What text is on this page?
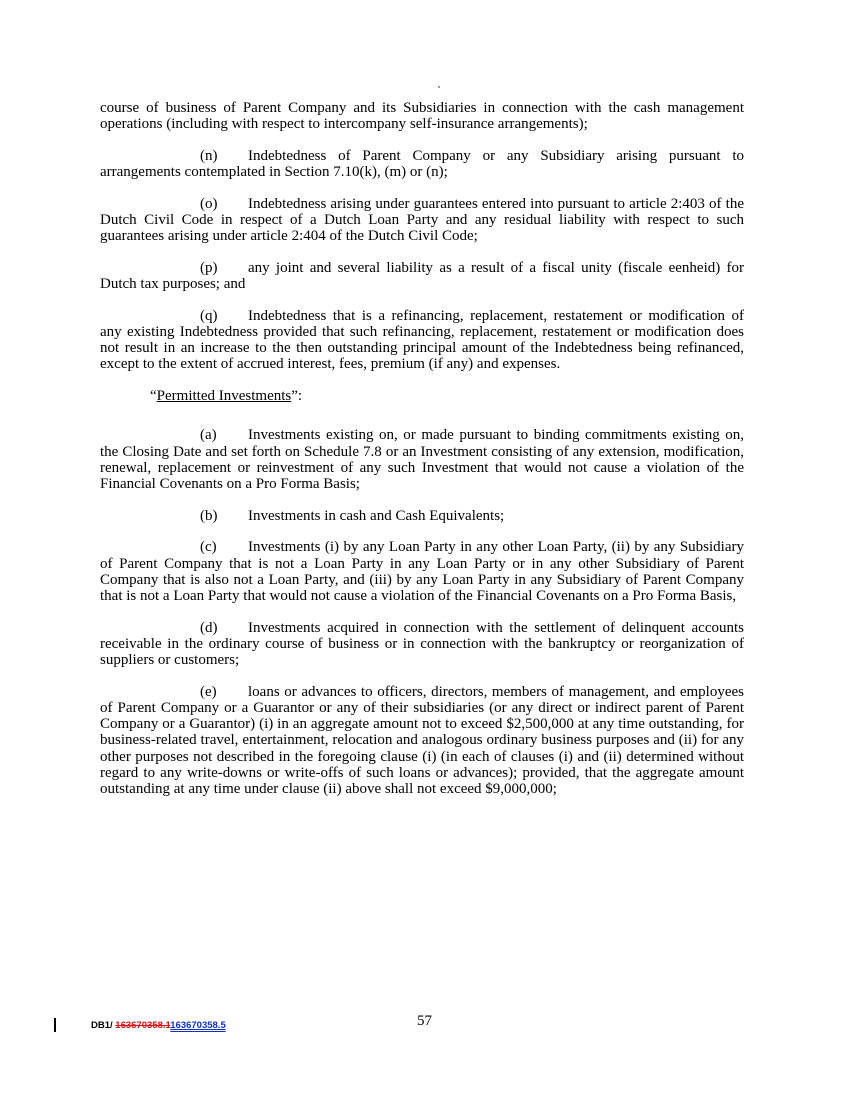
course of business of Parent Company and its Subsidiaries in connection with the cash management operations (including with respect to intercompany self-insurance arrangements);

(n) Indebtedness of Parent Company or any Subsidiary arising pursuant to arrangements contemplated in Section 7.10(k), (m) or (n);

(o) Indebtedness arising under guarantees entered into pursuant to article 2:403 of the Dutch Civil Code in respect of a Dutch Loan Party and any residual liability with respect to such guarantees arising under article 2:404 of the Dutch Civil Code;

(p) any joint and several liability as a result of a fiscal unity (fiscale eenheid) for Dutch tax purposes; and

(q) Indebtedness that is a refinancing, replacement, restatement or modification of any existing Indebtedness provided that such refinancing, replacement, restatement or modification does not result in an increase to the then outstanding principal amount of the Indebtedness being refinanced, except to the extent of accrued interest, fees, premium (if any) and expenses.

“Permitted Investments”:

(a) Investments existing on, or made pursuant to binding commitments existing on, the Closing Date and set forth on Schedule 7.8 or an Investment consisting of any extension, modification, renewal, replacement or reinvestment of any such Investment that would not cause a violation of the Financial Covenants on a Pro Forma Basis;

(b) Investments in cash and Cash Equivalents;

(c) Investments (i) by any Loan Party in any other Loan Party, (ii) by any Subsidiary of Parent Company that is not a Loan Party in any Loan Party or in any other Subsidiary of Parent Company that is also not a Loan Party, and (iii) by any Loan Party in any Subsidiary of Parent Company that is not a Loan Party that would not cause a violation of the Financial Covenants on a Pro Forma Basis,

(d) Investments acquired in connection with the settlement of delinquent accounts receivable in the ordinary course of business or in connection with the bankruptcy or reorganization of suppliers or customers;

(e) loans or advances to officers, directors, members of management, and employees of Parent Company or a Guarantor or any of their subsidiaries (or any direct or indirect parent of Parent Company or a Guarantor) (i) in an aggregate amount not to exceed $2,500,000 at any time outstanding, for business-related travel, entertainment, relocation and analogous ordinary business purposes and (ii) for any other purposes not described in the foregoing clause (i) (in each of clauses (i) and (ii) determined without regard to any write-downs or write-offs of such loans or advances); provided, that the aggregate amount outstanding at any time under clause (ii) above shall not exceed $9,000,000;

DB1/ 163670358.1163670358.5	57
